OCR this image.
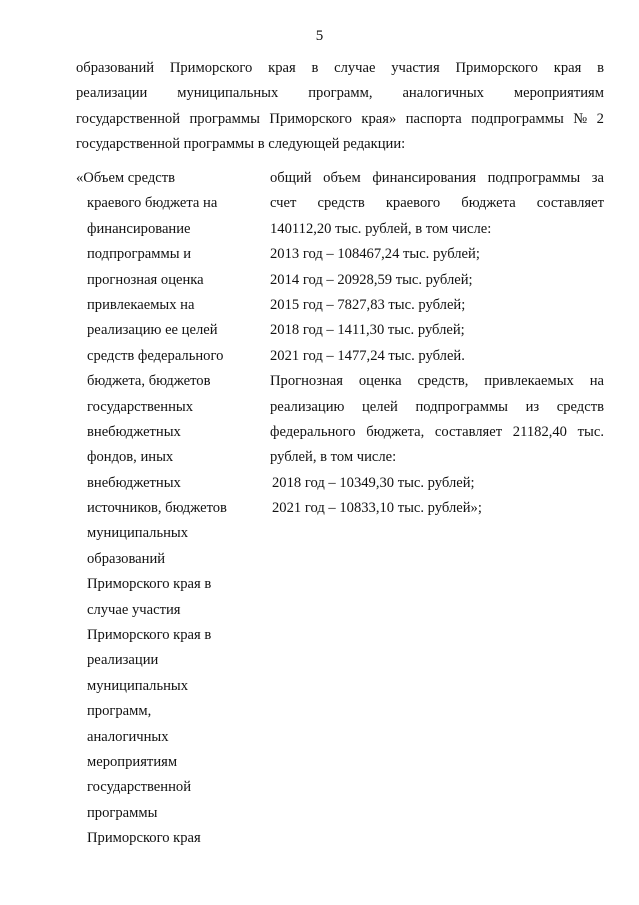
5
образований Приморского края в случае участия Приморского края в
реализации муниципальных программ, аналогичных мероприятиям
государственной программы Приморского края» паспорта подпрограммы № 2
государственной программы в следующей редакции:
«Объем средств
краевого бюджета на
финансирование
подпрограммы и
прогнозная оценка
привлекаемых на
реализацию ее целей
средств федерального
бюджета, бюджетов
государственных
внебюджетных
фондов, иных
внебюджетных
источников, бюджетов
муниципальных
образований
Приморского края в
случае участия
Приморского края в
реализации
муниципальных
программ,
аналогичных
мероприятиям
государственной
программы
Приморского края
общий объем финансирования подпрограммы за
счет средств краевого бюджета составляет
140112,20 тыс. рублей, в том числе:
2013 год – 108467,24 тыс. рублей;
2014 год – 20928,59 тыс. рублей;
2015 год – 7827,83 тыс. рублей;
2018 год – 1411,30 тыс. рублей;
2021 год – 1477,24 тыс. рублей.
Прогнозная оценка средств, привлекаемых на
реализацию целей подпрограммы из средств
федерального бюджета, составляет 21182,40 тыс.
рублей, в том числе:
2018 год – 10349,30 тыс. рублей;
2021 год – 10833,10 тыс. рублей»;
